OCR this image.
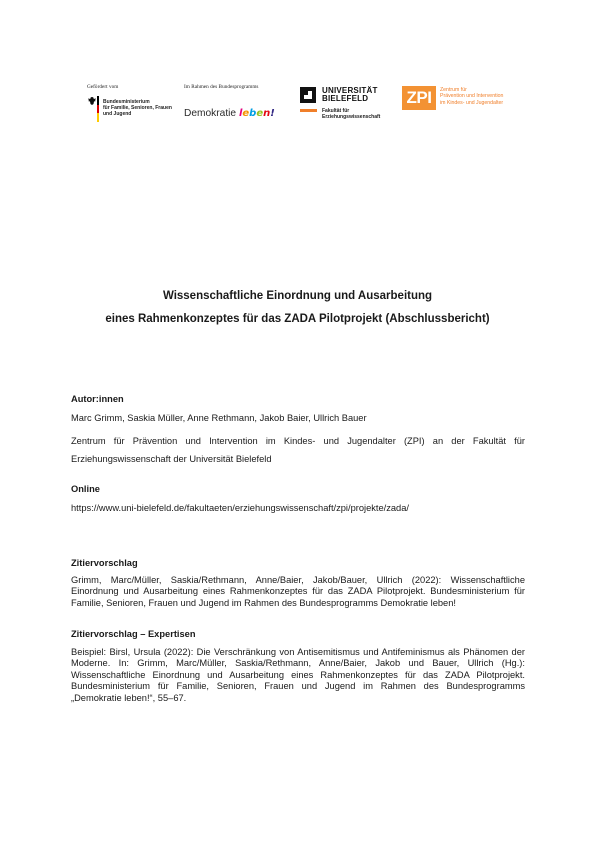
Gefördert vom
Bundesministerium
für Familie, Senioren, Frauen
und Jugend
Im Rahmen des Bundesprogramms
Demokratie leben!
UNIVERSITÄT
BIELEFELD
Fakultät für
Erziehungswissenschaft
ZPI	Zentrum für
Prävention und Intervention
im Kindes- und Jugendalter
Wissenschaftliche Einordnung und Ausarbeitung
eines Rahmenkonzeptes für das ZADA Pilotprojekt (Abschlussbericht)
Autor:innen
Marc Grimm, Saskia Müller, Anne Rethmann, Jakob Baier, Ullrich Bauer
Zentrum für Prävention und Intervention im Kindes- und Jugendalter (ZPI) an der Fakultät für Erziehungswissenschaft der Universität Bielefeld
Online
https://www.uni-bielefeld.de/fakultaeten/erziehungswissenschaft/zpi/projekte/zada/
Zitiervorschlag
Grimm, Marc/Müller, Saskia/Rethmann, Anne/Baier, Jakob/Bauer, Ullrich (2022): Wissenschaftliche Einordnung und Ausarbeitung eines Rahmenkonzeptes für das ZADA Pilotprojekt. Bundesministerium für Familie, Senioren, Frauen und Jugend im Rahmen des Bundesprogramms Demokratie leben!
Zitiervorschlag – Expertisen
Beispiel: Birsl, Ursula (2022): Die Verschränkung von Antisemitismus und Antifeminismus als Phänomen der Moderne. In: Grimm, Marc/Müller, Saskia/Rethmann, Anne/Baier, Jakob und Bauer, Ullrich (Hg.): Wissenschaftliche Einordnung und Ausarbeitung eines Rahmenkonzeptes für das ZADA Pilotprojekt. Bundesministerium für Familie, Senioren, Frauen und Jugend im Rahmen des Bundesprogramms „Demokratie leben!“, 55–67.
